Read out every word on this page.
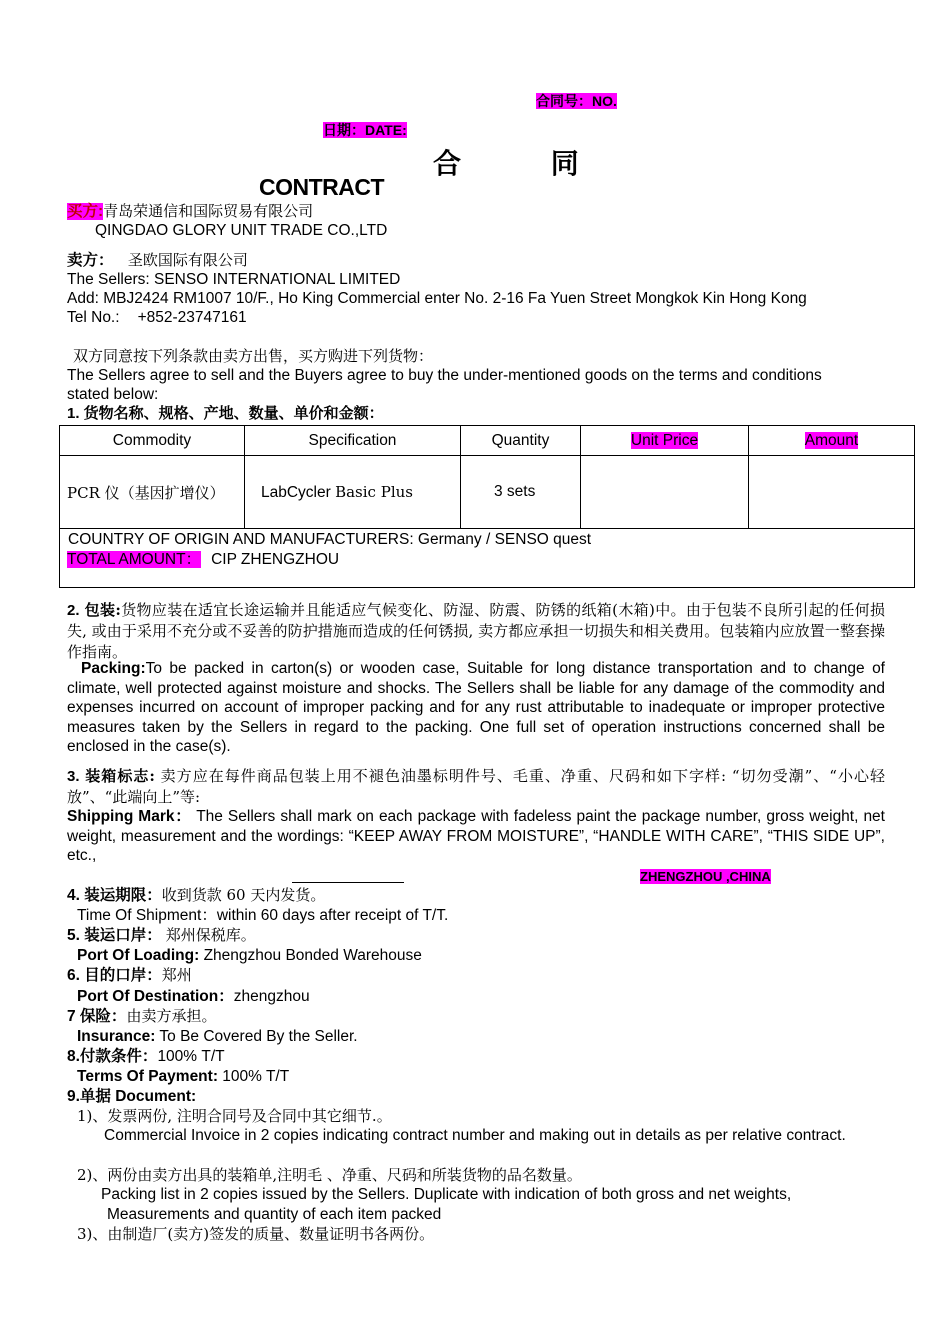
合同号：NO.
日期：DATE:
合 同
CONTRACT
买方:青岛荣通信和国际贸易有限公司
QINGDAO GLORY UNIT TRADE CO.,LTD
卖方： 圣欧国际有限公司
The Sellers: SENSO INTERNATIONAL LIMITED
Add: MBJ2424 RM1007 10/F., Ho King Commercial enter No. 2-16 Fa Yuen Street Mongkok Kin Hong Kong
Tel No.: +852-23747161
双方同意按下列条款由卖方出售，买方购进下列货物：
The Sellers agree to sell and the Buyers agree to buy the under-mentioned goods on the terms and conditions
stated below:
1. 货物名称、规格、产地、数量、单价和金额：
Commodity	Specification	Quantity	Unit Price	Amount
PCR 仪（基因扩增仪）	LabCycler Basic Plus	3 sets		

COUNTRY OF ORIGIN AND MANUFACTURERS: Germany / SENSO quest
TOTAL AMOUNT： CIP ZHENGZHOU				
2. 包装:货物应装在适宜长途运输并且能适应气候变化、防湿、防震、防锈的纸箱(木箱)中。由于包装不良所引起的任何损失, 或由于采用不充分或不妥善的防护措施而造成的任何锈损, 卖方都应承担一切损失和相关费用。包装箱内应放置一整套操作指南。
Packing:To be packed in carton(s) or wooden case, Suitable for long distance transportation and to change of climate, well protected against moisture and shocks. The Sellers shall be liable for any damage of the commodity and expenses incurred on account of improper packing and for any rust attributable to inadequate or improper protective measures taken by the Sellers in regard to the packing. One full set of operation instructions concerned shall be enclosed in the case(s).
3. 装箱标志: 卖方应在每件商品包装上用不褪色油墨标明件号、毛重、净重、尺码和如下字样: “切勿受潮”、“小心轻放”、“此端向上”等:
Shipping Mark： The Sellers shall mark on each package with fadeless paint the package number, gross weight, net weight, measurement and the wordings: “KEEP AWAY FROM MOISTURE”, “HANDLE WITH CARE”, “THIS SIDE UP”, etc.,
ZHENGZHOU ,CHINA
4. 装运期限：收到货款 60 天内发货。
Time Of Shipment：within 60 days after receipt of T/T.
5. 装运口岸： 郑州保税库。
Port Of Loading: Zhengzhou Bonded Warehouse
6. 目的口岸：郑州
Port Of Destination：zhengzhou
7 保险：由卖方承担。
Insurance: To Be Covered By the Seller.
8.付款条件：100% T/T
Terms Of Payment: 100% T/T
9.单据 Document:
1)、发票两份, 注明合同号及合同中其它细节.。
Commercial Invoice in 2 copies indicating contract number and making out in details as per relative contract.
2)、两份由卖方出具的装箱单,注明毛 、净重、尺码和所装货物的品名数量。
Packing list in 2 copies issued by the Sellers. Duplicate with indication of both gross and net weights,
Measurements and quantity of each item packed
3)、由制造厂(卖方)签发的质量、数量证明书各两份。
